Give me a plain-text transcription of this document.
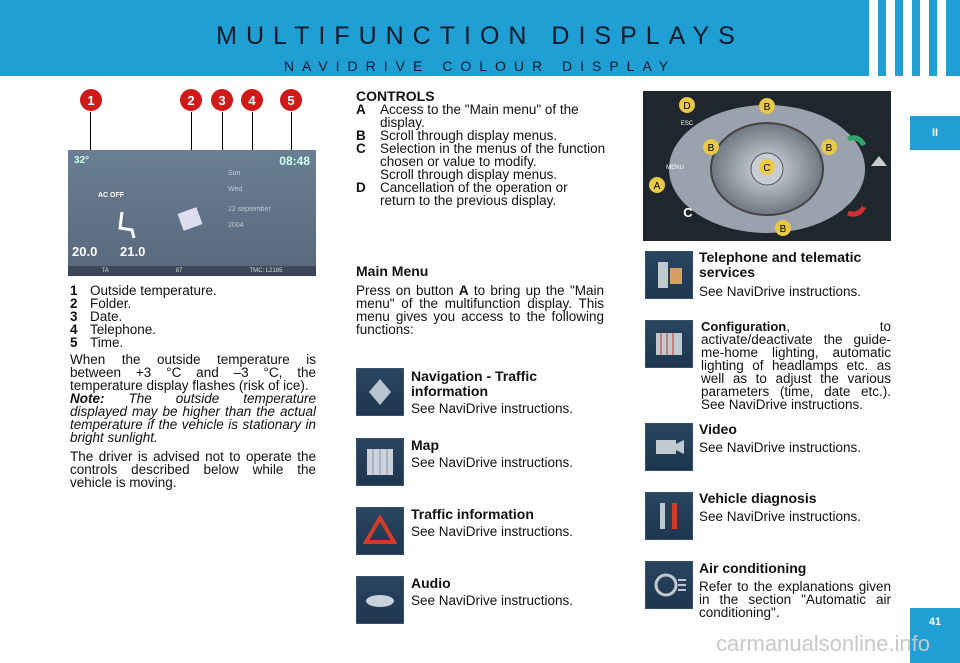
MULTIFUNCTION DISPLAYS
NAVIDRIVE COLOUR DISPLAY
II
41
1	2	3	4	5
32°	08:48
AC OFF
20.0 21.0
Sun
Wed
22 september
2004
TA	87	TMC: L2185

1 Outside temperature.

2 Folder.

3 Date.

4 Telephone.

5 Time.

When the outside temperature is between +3 °C and –3 °C, the temperature display flashes (risk of ice).

Note: The outside temperature displayed may be higher than the actual temperature if the vehicle is stationary in bright sunlight.

The driver is advised not to operate the controls described below while the vehicle is moving.

CONTROLS
A	Access to the "Main menu" of the display.
B	Scroll through display menus.
C	Selection in the menus of the function chosen or value to modify.
Scroll through display menus.
D	Cancellation of the operation or return to the previous display.
Main Menu

Press on button A to bring up the "Main menu" of the multifunction display. This menu gives you access to the following functions:

D
ESC
B
B	B
MENU
A
C
C
B
Navigation - Traffic information
See NaviDrive instructions.
Map
See NaviDrive instructions.
Traffic information
See NaviDrive instructions.
Audio
See NaviDrive instructions.
Telephone and telematic services
See NaviDrive instructions.
Configuration, to activate/deactivate the guide-me-home lighting, automatic lighting of headlamps etc. as well as to adjust the various parameters (time, date etc.). See NaviDrive instructions.
Video
See NaviDrive instructions.
Vehicle diagnosis
See NaviDrive instructions.
Air conditioning
Refer to the explanations given in the section "Automatic air conditioning".
carmanualsonline.info
